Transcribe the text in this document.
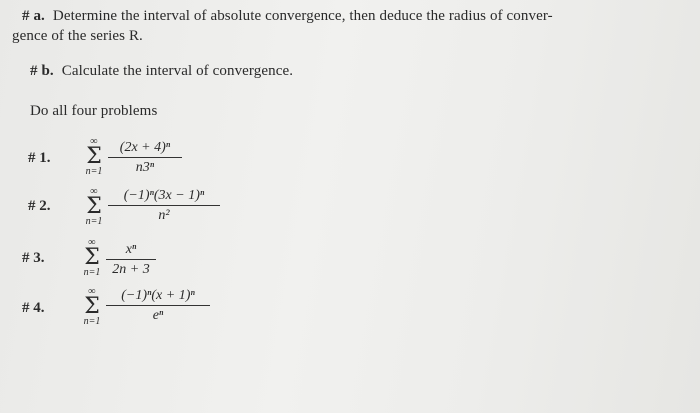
# a. Determine the interval of absolute convergence, then deduce the radius of conver-
gence of the series R.
# b. Calculate the interval of convergence.
Do all four problems
# 1.
∞
Σ
n=1
(2x + 4)ⁿ
n3ⁿ
# 2.
∞
Σ
n=1
(−1)ⁿ(3x − 1)ⁿ
n²
# 3.
∞
Σ
n=1
xⁿ
2n + 3
# 4.
∞
Σ
n=1
(−1)ⁿ(x + 1)ⁿ
eⁿ
